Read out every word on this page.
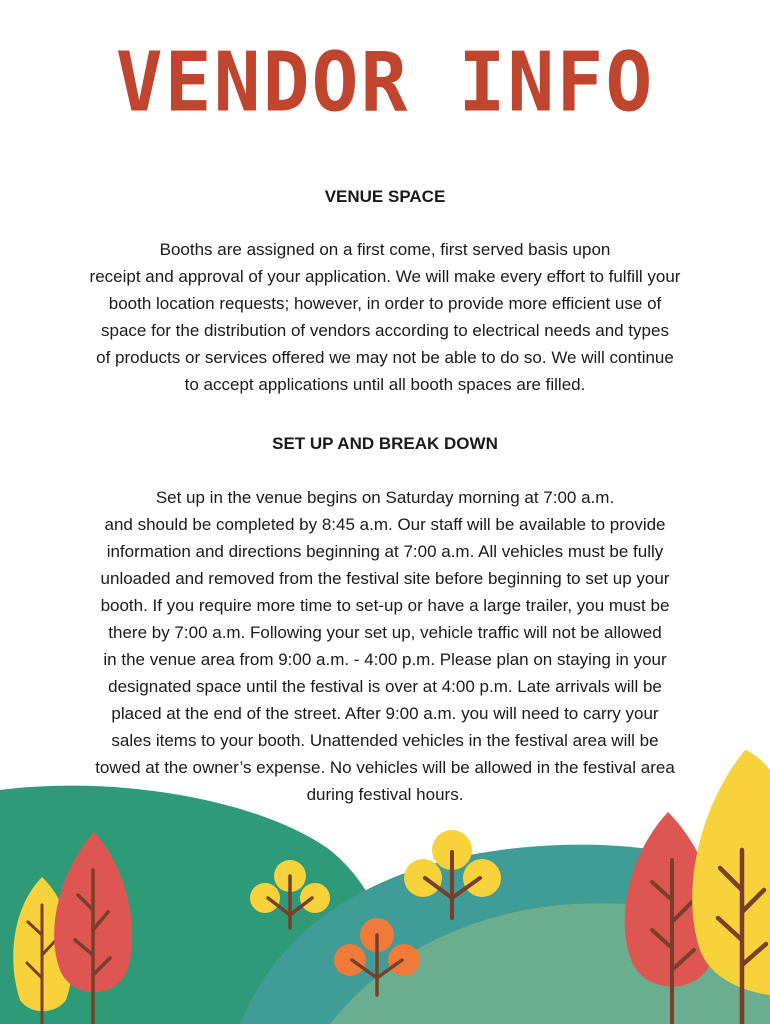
VENDOR INFO
VENUE SPACE
Booths are assigned on a first come, first served basis upon
receipt and approval of your application. We will make every effort to fulfill your
booth location requests; however, in order to provide more efficient use of
space for the distribution of vendors according to electrical needs and types
of products or services offered we may not be able to do so. We will continue
to accept applications until all booth spaces are filled.
SET UP AND BREAK DOWN
Set up in the venue begins on Saturday morning at 7:00 a.m.
and should be completed by 8:45 a.m. Our staff will be available to provide
information and directions beginning at 7:00 a.m. All vehicles must be fully
unloaded and removed from the festival site before beginning to set up your
booth. If you require more time to set-up or have a large trailer, you must be
there by 7:00 a.m. Following your set up, vehicle traffic will not be allowed
in the venue area from 9:00 a.m. - 4:00 p.m. Please plan on staying in your
designated space until the festival is over at 4:00 p.m. Late arrivals will be
placed at the end of the street. After 9:00 a.m. you will need to carry your
sales items to your booth. Unattended vehicles in the festival area will be
towed at the owner’s expense. No vehicles will be allowed in the festival area
during festival hours.
